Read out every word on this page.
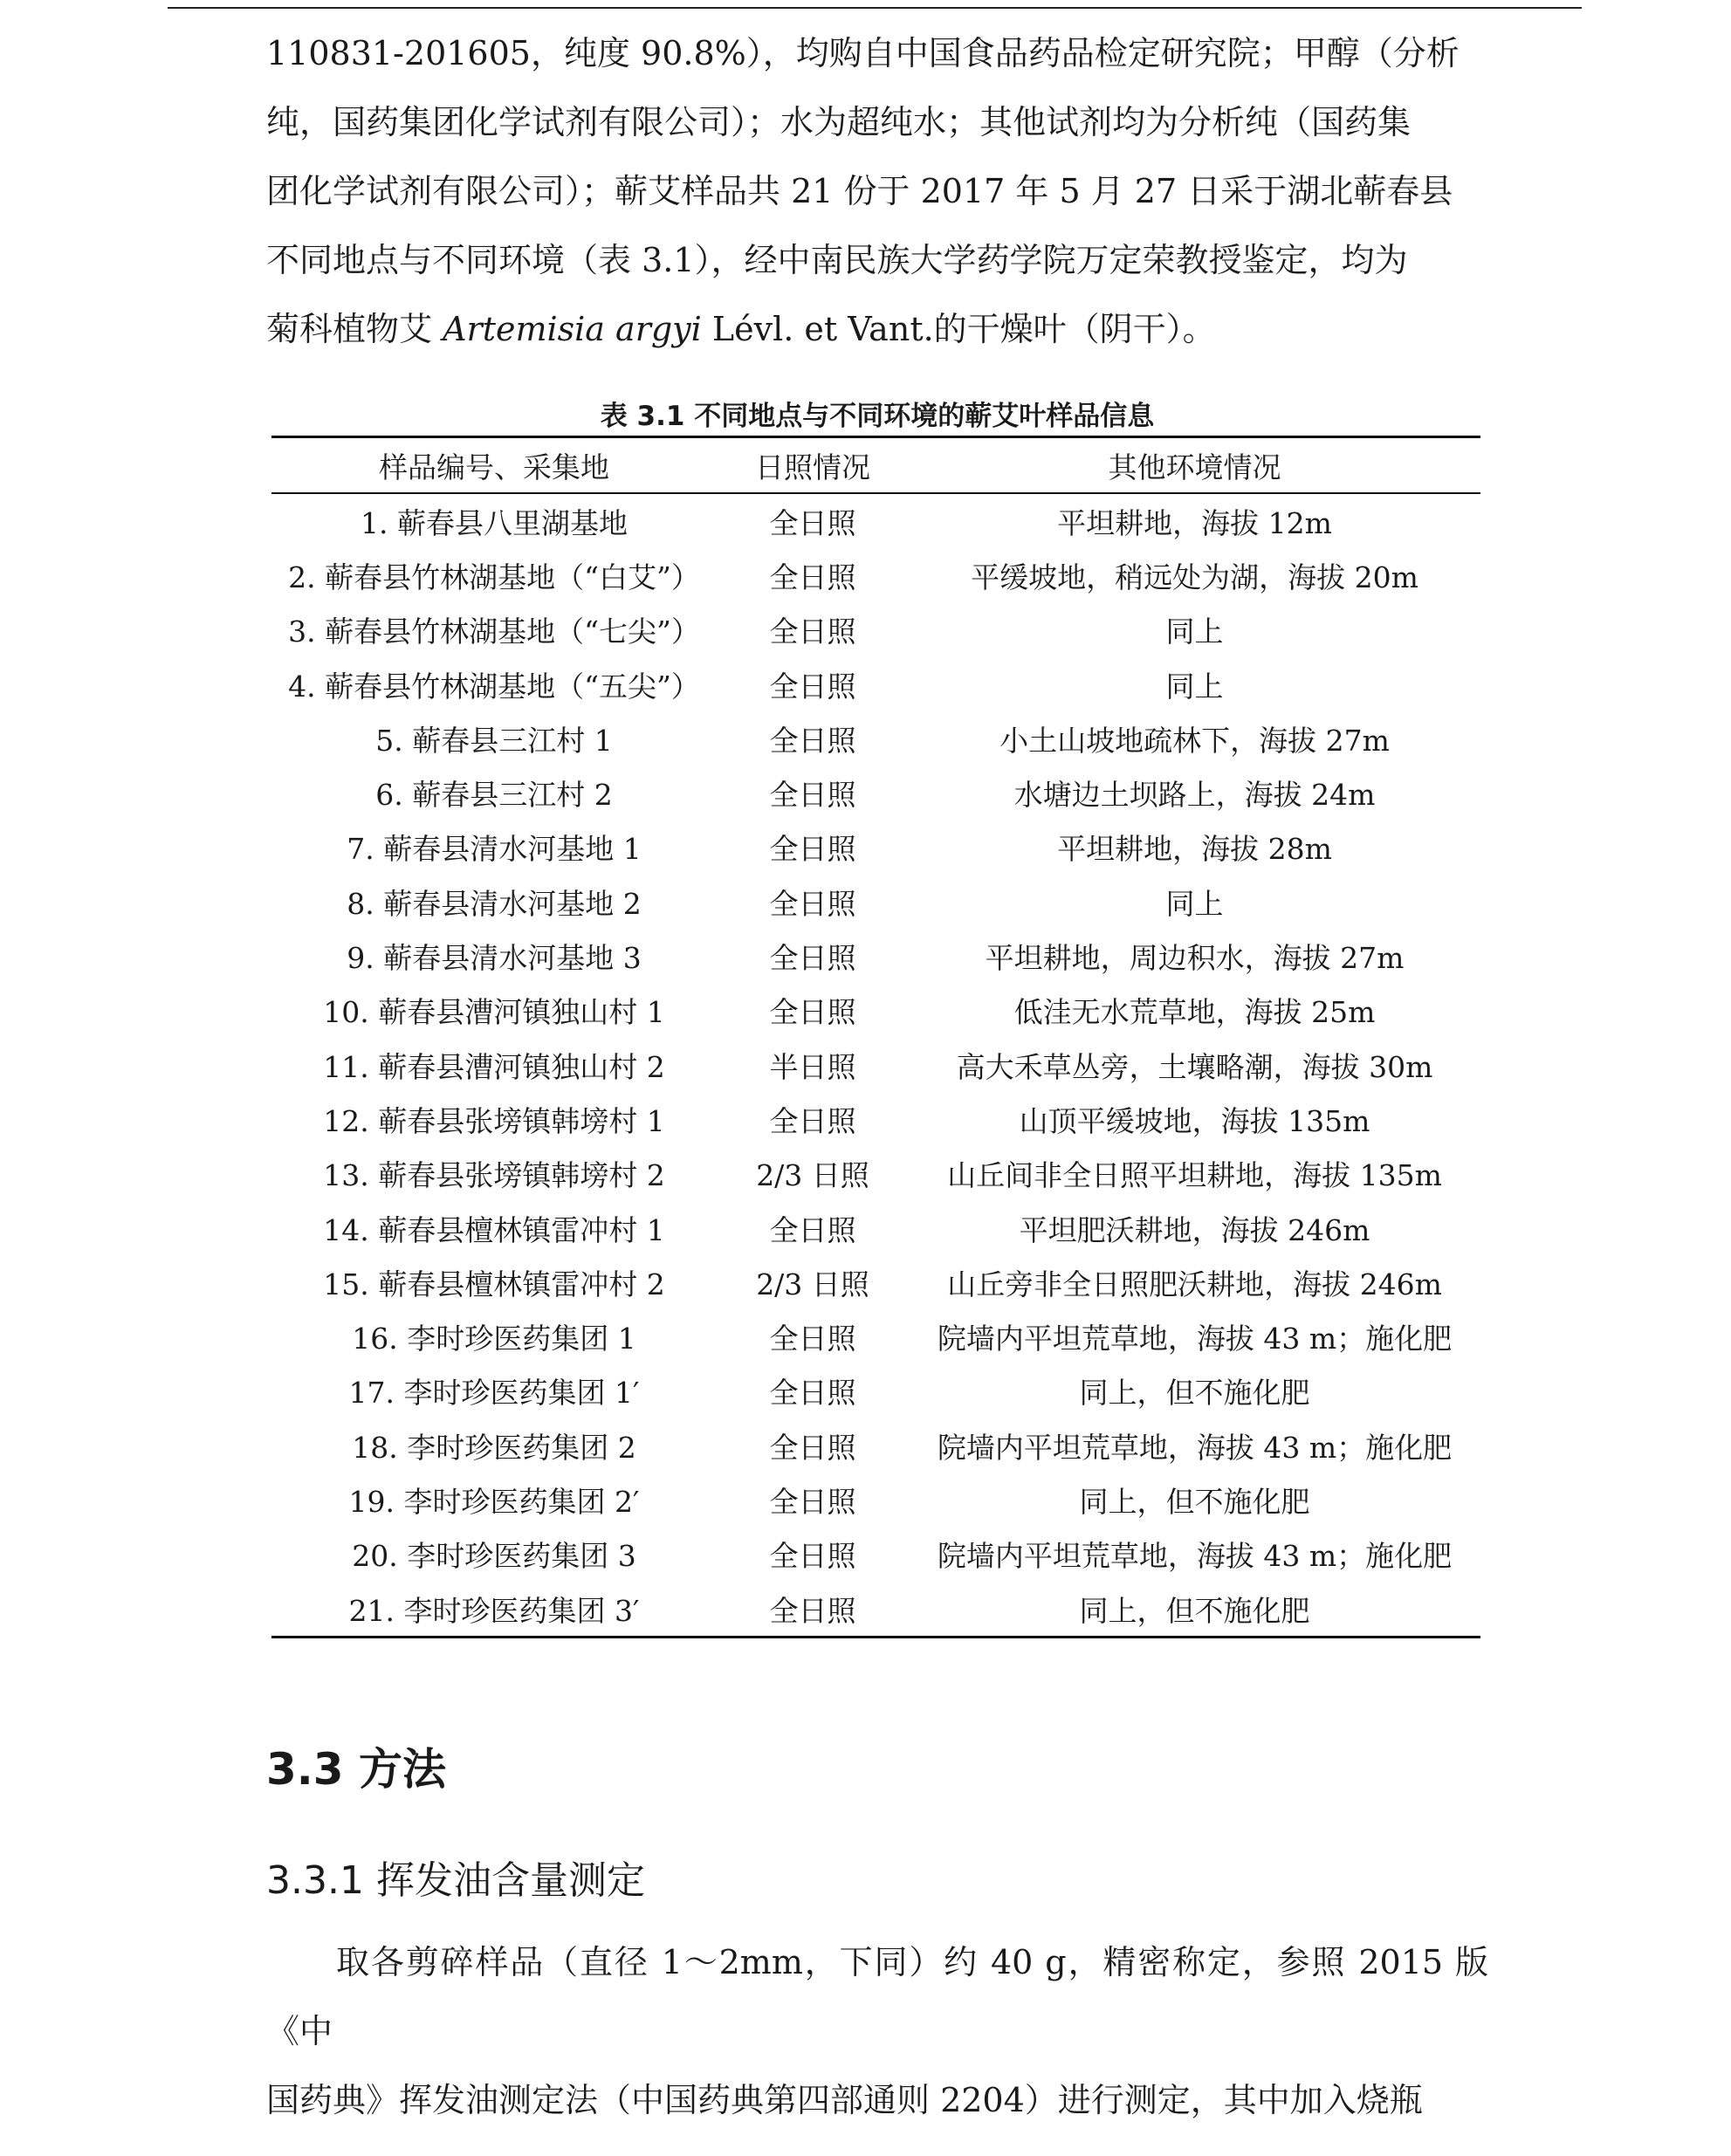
110831-201605，纯度 90.8%），均购自中国食品药品检定研究院；甲醇（分析

纯，国药集团化学试剂有限公司）；水为超纯水；其他试剂均为分析纯（国药集

团化学试剂有限公司）；蕲艾样品共 21 份于 2017 年 5 月 27 日采于湖北蕲春县

不同地点与不同环境（表 3.1），经中南民族大学药学院万定荣教授鉴定，均为

菊科植物艾 Artemisia argyi Lévl. et Vant.的干燥叶（阴干）。

表 3.1 不同地点与不同环境的蕲艾叶样品信息
样品编号、采集地	日照情况	其他环境情况
1. 蕲春县八里湖基地	全日照	平坦耕地，海拔 12m
2. 蕲春县竹林湖基地（“白艾”）	全日照	平缓坡地，稍远处为湖，海拔 20m
3. 蕲春县竹林湖基地（“七尖”）	全日照	同上
4. 蕲春县竹林湖基地（“五尖”）	全日照	同上
5. 蕲春县三江村 1	全日照	小土山坡地疏林下，海拔 27m
6. 蕲春县三江村 2	全日照	水塘边土坝路上，海拔 24m
7. 蕲春县清水河基地 1	全日照	平坦耕地，海拔 28m
8. 蕲春县清水河基地 2	全日照	同上
9. 蕲春县清水河基地 3	全日照	平坦耕地，周边积水，海拔 27m
10. 蕲春县漕河镇独山村 1	全日照	低洼无水荒草地，海拔 25m
11. 蕲春县漕河镇独山村 2	半日照	高大禾草丛旁，土壤略潮，海拔 30m
12. 蕲春县张塝镇韩塝村 1	全日照	山顶平缓坡地，海拔 135m
13. 蕲春县张塝镇韩塝村 2	2/3 日照	山丘间非全日照平坦耕地，海拔 135m
14. 蕲春县檀林镇雷冲村 1	全日照	平坦肥沃耕地，海拔 246m
15. 蕲春县檀林镇雷冲村 2	2/3 日照	山丘旁非全日照肥沃耕地，海拔 246m
16. 李时珍医药集团 1	全日照	院墙内平坦荒草地，海拔 43 m；施化肥
17. 李时珍医药集团 1′	全日照	同上，但不施化肥
18. 李时珍医药集团 2	全日照	院墙内平坦荒草地，海拔 43 m；施化肥
19. 李时珍医药集团 2′	全日照	同上，但不施化肥
20. 李时珍医药集团 3	全日照	院墙内平坦荒草地，海拔 43 m；施化肥
21. 李时珍医药集团 3′	全日照	同上，但不施化肥
3.3 方法
3.3.1 挥发油含量测定

取各剪碎样品（直径 1～2mm，下同）约 40 g，精密称定，参照 2015 版《中

国药典》挥发油测定法（中国药典第四部通则 2204）进行测定，其中加入烧瓶
